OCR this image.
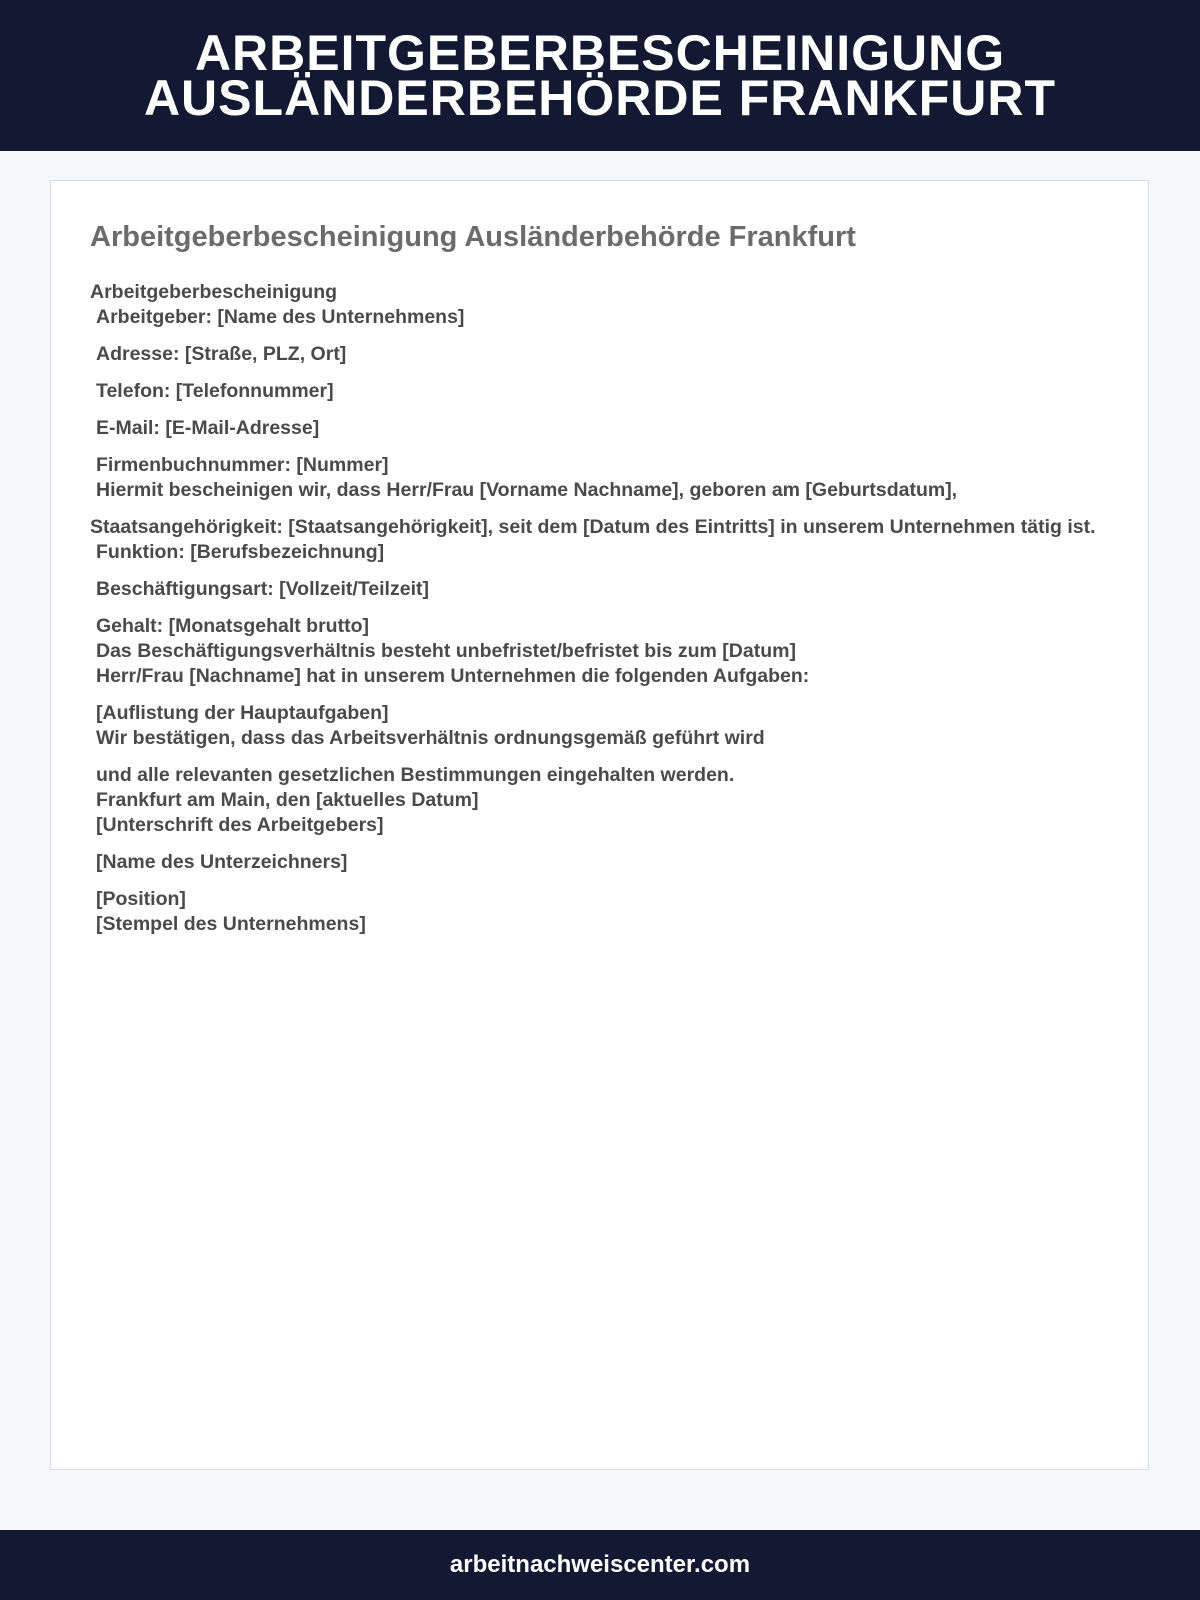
ARBEITGEBERBESCHEINIGUNG
AUSLÄNDERBEHÖRDE FRANKFURT
Arbeitgeberbescheinigung Ausländerbehörde Frankfurt
Arbeitgeberbescheinigung
Arbeitgeber: [Name des Unternehmens]
Adresse: [Straße, PLZ, Ort]
Telefon: [Telefonnummer]
E-Mail: [E-Mail-Adresse]
Firmenbuchnummer: [Nummer]
Hiermit bescheinigen wir, dass Herr/Frau [Vorname Nachname], geboren am [Geburtsdatum],
Staatsangehörigkeit: [Staatsangehörigkeit], seit dem [Datum des Eintritts] in unserem Unternehmen tätig ist.
Funktion: [Berufsbezeichnung]
Beschäftigungsart: [Vollzeit/Teilzeit]
Gehalt: [Monatsgehalt brutto]
Das Beschäftigungsverhältnis besteht unbefristet/befristet bis zum [Datum]
Herr/Frau [Nachname] hat in unserem Unternehmen die folgenden Aufgaben:
[Auflistung der Hauptaufgaben]
Wir bestätigen, dass das Arbeitsverhältnis ordnungsgemäß geführt wird
und alle relevanten gesetzlichen Bestimmungen eingehalten werden.
Frankfurt am Main, den [aktuelles Datum]
[Unterschrift des Arbeitgebers]
[Name des Unterzeichners]
[Position]
[Stempel des Unternehmens]
arbeitnachweiscenter.com
